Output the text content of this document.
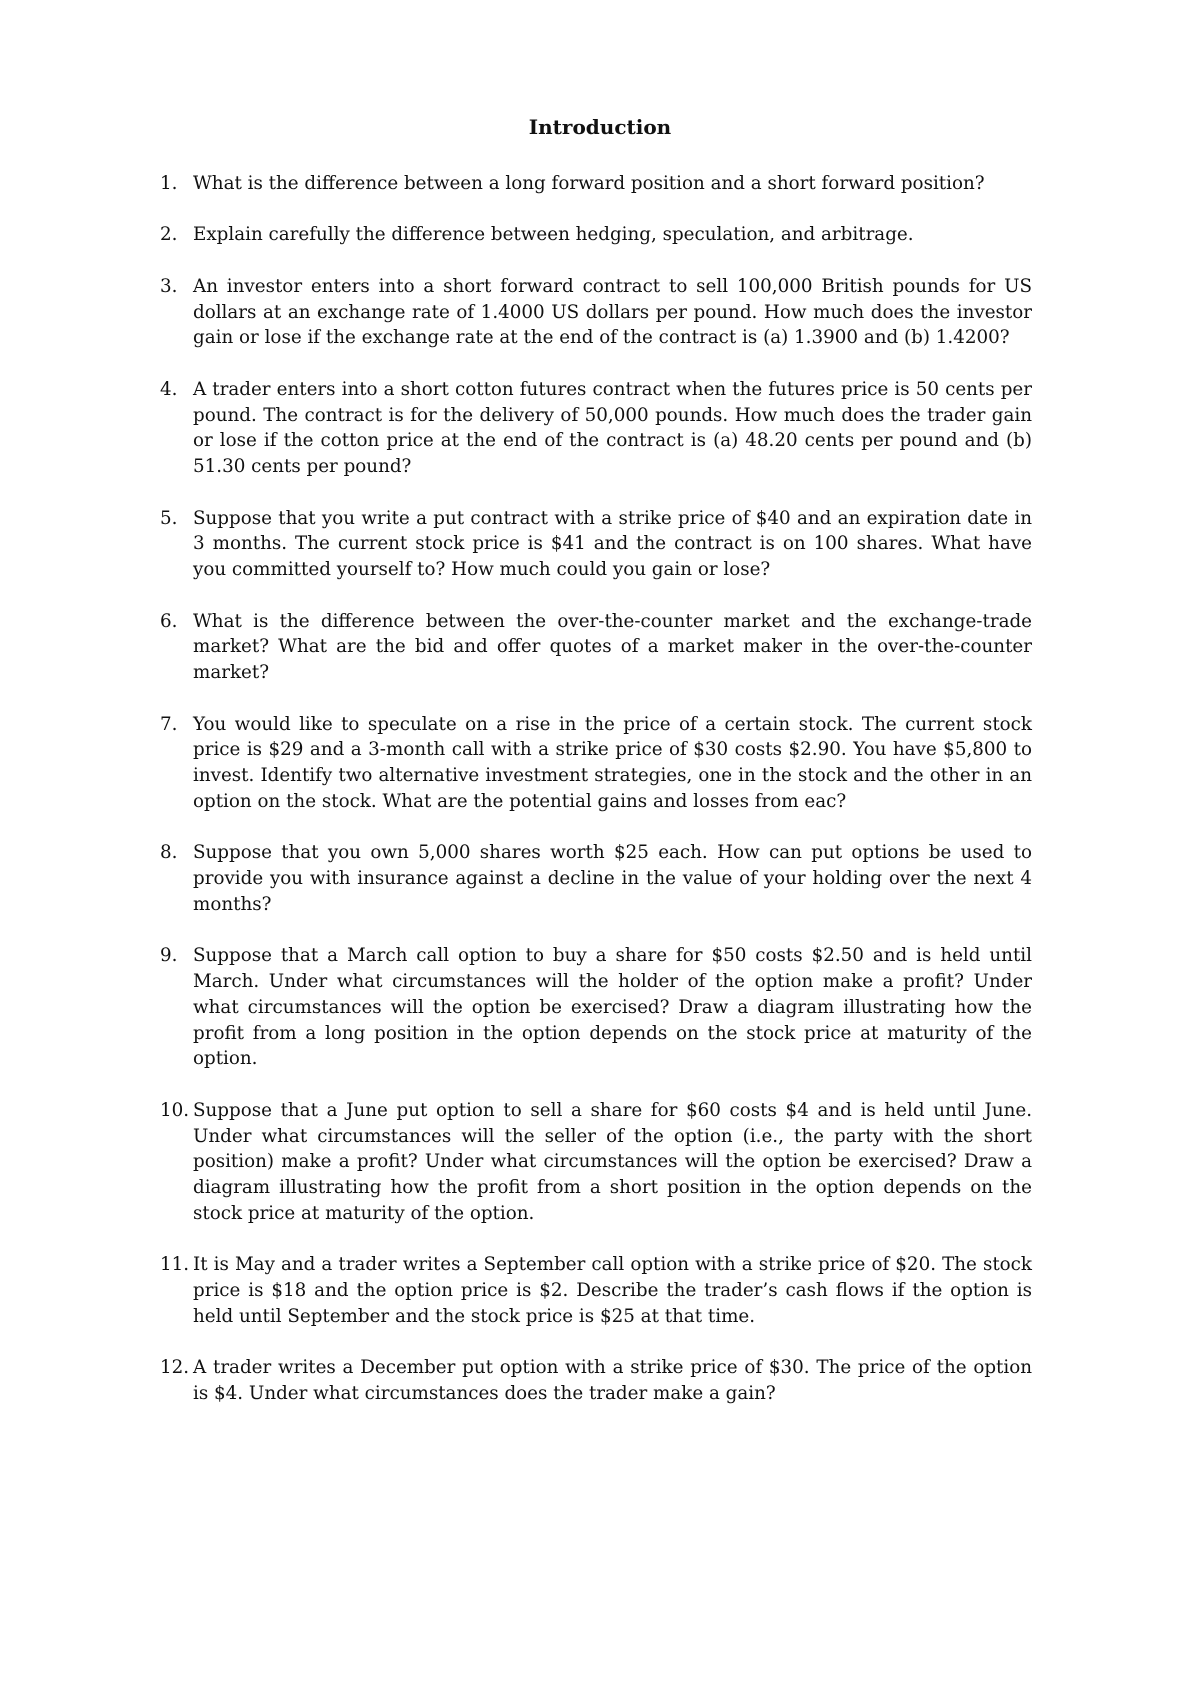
Introduction
1. What is the difference between a long forward position and a short forward position?
2. Explain carefully the difference between hedging, speculation, and arbitrage.
3. An investor enters into a short forward contract to sell 100,000 British pounds for US dollars at an exchange rate of 1.4000 US dollars per pound. How much does the investor gain or lose if the exchange rate at the end of the contract is (a) 1.3900 and (b) 1.4200?
4. A trader enters into a short cotton futures contract when the futures price is 50 cents per pound. The contract is for the delivery of 50,000 pounds. How much does the trader gain or lose if the cotton price at the end of the contract is (a) 48.20 cents per pound and (b) 51.30 cents per pound?
5. Suppose that you write a put contract with a strike price of $40 and an expiration date in 3 months. The current stock price is $41 and the contract is on 100 shares. What have you committed yourself to? How much could you gain or lose?
6. What is the difference between the over-the-counter market and the exchange-trade market? What are the bid and offer quotes of a market maker in the over-the-counter market?
7. You would like to speculate on a rise in the price of a certain stock. The current stock price is $29 and a 3-month call with a strike price of $30 costs $2.90. You have $5,800 to invest. Identify two alternative investment strategies, one in the stock and the other in an option on the stock. What are the potential gains and losses from eac?
8. Suppose that you own 5,000 shares worth $25 each. How can put options be used to provide you with insurance against a decline in the value of your holding over the next 4 months?
9. Suppose that a March call option to buy a share for $50 costs $2.50 and is held until March. Under what circumstances will the holder of the option make a profit? Under what circumstances will the option be exercised? Draw a diagram illustrating how the profit from a long position in the option depends on the stock price at maturity of the option.
10. Suppose that a June put option to sell a share for $60 costs $4 and is held until June. Under what circumstances will the seller of the option (i.e., the party with the short position) make a profit? Under what circumstances will the option be exercised? Draw a diagram illustrating how the profit from a short position in the option depends on the stock price at maturity of the option.
11. It is May and a trader writes a September call option with a strike price of $20. The stock price is $18 and the option price is $2. Describe the trader’s cash flows if the option is held until September and the stock price is $25 at that time.
12. A trader writes a December put option with a strike price of $30. The price of the option is $4. Under what circumstances does the trader make a gain?
